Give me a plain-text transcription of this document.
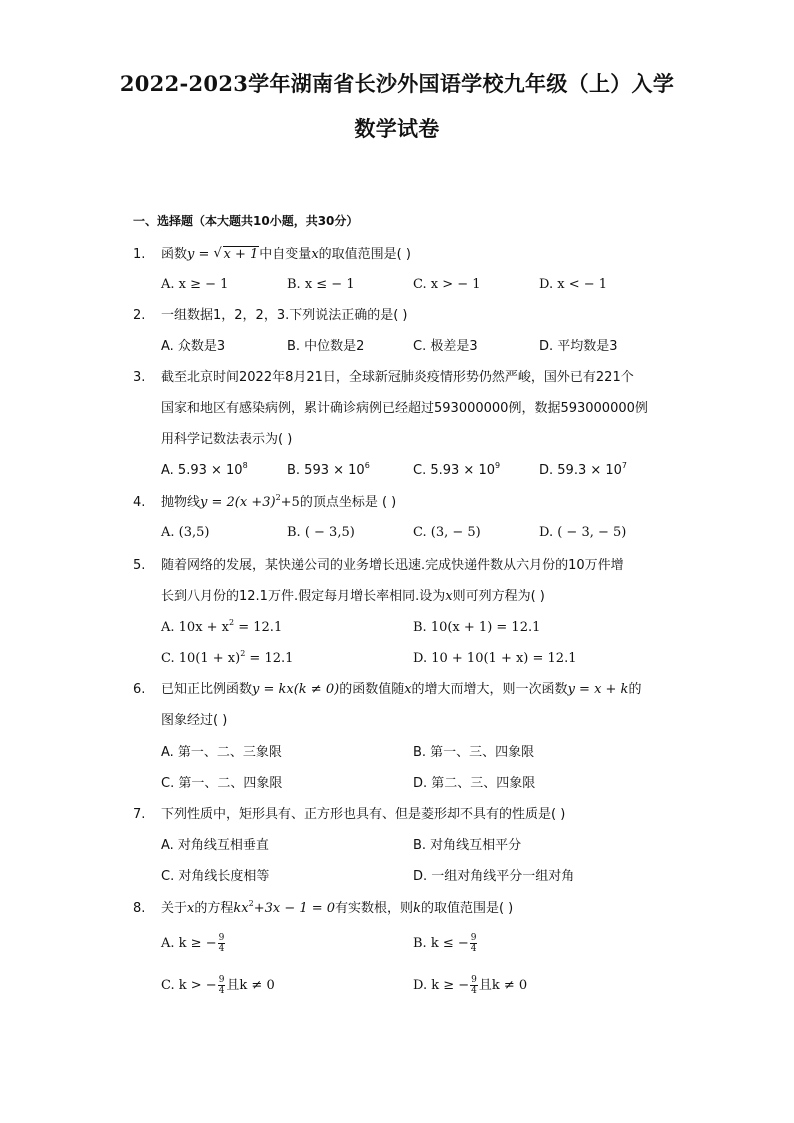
2022-2023学年湖南省长沙外国语学校九年级（上）入学
数学试卷
一、选择题（本大题共10小题，共30分）
1.	函数y = √ x + 1中自变量x的取值范围是( )
A. x ≥ − 1	B. x ≤ − 1	C. x > − 1	D. x < − 1
2.	一组数据1，2，2，3.下列说法正确的是( )
A. 众数是3	B. 中位数是2	C. 极差是3	D. 平均数是3
3.	截至北京时间2022年8月21日，全球新冠肺炎疫情形势仍然严峻，国外已有221个
国家和地区有感染病例，累计确诊病例已经超过593000000例，数据593000000例
用科学记数法表示为( )
A. $5.93 \times 10^8$	B. $593 \times 10^6$	C. $5.93 \times 10^9$	D. $59.3 \times 10^7$
4.	抛物线$y = 2(x +3)^2+5$的顶点坐标是 ( )
A. (3,5)	B. ( − 3,5)	C. (3, − 5)	D. ( − 3, − 5)
5.	随着网络的发展，某快递公司的业务增长迅速.完成快递件数从六月份的10万件增
长到八月份的12.1万件.假定每月增长率相同.设为x则可列方程为( )
A. $10x + x^2 = 12.1$	B. 10(x + 1) = 12.1
C. $10(1 + x)^2 = 12.1$	D. 10 + 10(1 + x) = 12.1
6.	已知正比例函数y = kx(k ≠ 0)的函数值随x的增大而增大，则一次函数y = x + k的
图象经过( )
A. 第一、二、三象限	B. 第一、三、四象限
C. 第一、二、四象限	D. 第二、三、四象限
7.	下列性质中，矩形具有、正方形也具有、但是菱形却不具有的性质是( )
A. 对角线互相垂直	B. 对角线互相平分
C. 对角线长度相等	D. 一组对角线平分一组对角
8.	关于x的方程$kx^2+3x - 1 = 0$有实数根，则k的取值范围是( )
A. k ≥ − $\frac{9}{4}$	B. k ≤ − $\frac{9}{4}$
C. k > − $\frac{9}{4}$ 且k ≠ 0	D. k ≥ − $\frac{9}{4}$ 且k ≠ 0
